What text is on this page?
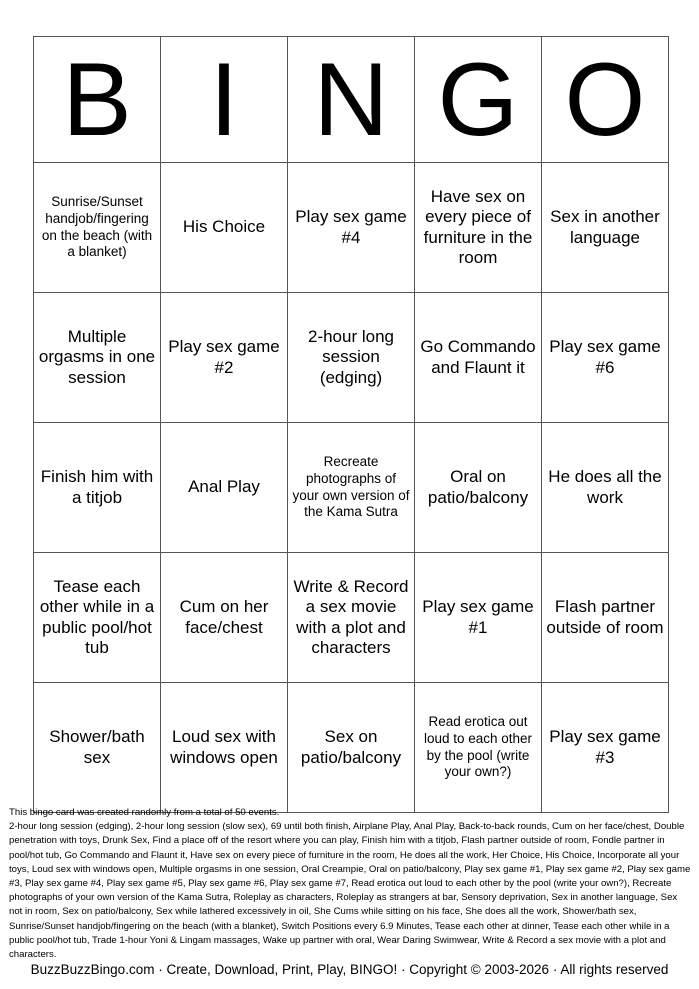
B	I	N	G	O
Sunrise/Sunset handjob/fingering on the beach (with a blanket)	His Choice	Play sex game #4	Have sex on every piece of furniture in the room	Sex in another language
Multiple orgasms in one session	Play sex game #2	2-hour long session (edging)	Go Commando and Flaunt it	Play sex game #6
Finish him with a titjob	Anal Play	Recreate photographs of your own version of the Kama Sutra	Oral on patio/balcony	He does all the work
Tease each other while in a public pool/hot tub	Cum on her face/chest	Write & Record a sex movie with a plot and characters	Play sex game #1	Flash partner outside of room
Shower/bath sex	Loud sex with windows open	Sex on patio/balcony	Read erotica out loud to each other by the pool (write your own?)	Play sex game #3

This bingo card was created randomly from a total of 50 events.

2-hour long session (edging), 2-hour long session (slow sex), 69 until both finish, Airplane Play, Anal Play, Back-to-back rounds, Cum on her face/chest, Double penetration with toys, Drunk Sex, Find a place off of the resort where you can play, Finish him with a titjob, Flash partner outside of room, Fondle partner in pool/hot tub, Go Commando and Flaunt it, Have sex on every piece of furniture in the room, He does all the work, Her Choice, His Choice, Incorporate all your toys, Loud sex with windows open, Multiple orgasms in one session, Oral Creampie, Oral on patio/balcony, Play sex game #1, Play sex game #2, Play sex game #3, Play sex game #4, Play sex game #5, Play sex game #6, Play sex game #7, Read erotica out loud to each other by the pool (write your own?), Recreate photographs of your own version of the Kama Sutra, Roleplay as characters, Roleplay as strangers at bar, Sensory deprivation, Sex in another language, Sex not in room, Sex on patio/balcony, Sex while lathered excessively in oil, She Cums while sitting on his face, She does all the work, Shower/bath sex, Sunrise/Sunset handjob/fingering on the beach (with a blanket), Switch Positions every 6.9 Minutes, Tease each other at dinner, Tease each other while in a public pool/hot tub, Trade 1-hour Yoni & Lingam massages, Wake up partner with oral, Wear Daring Swimwear, Write & Record a sex movie with a plot and characters.

BuzzBuzzBingo.com · Create, Download, Print, Play, BINGO! · Copyright © 2003-2026 · All rights reserved
